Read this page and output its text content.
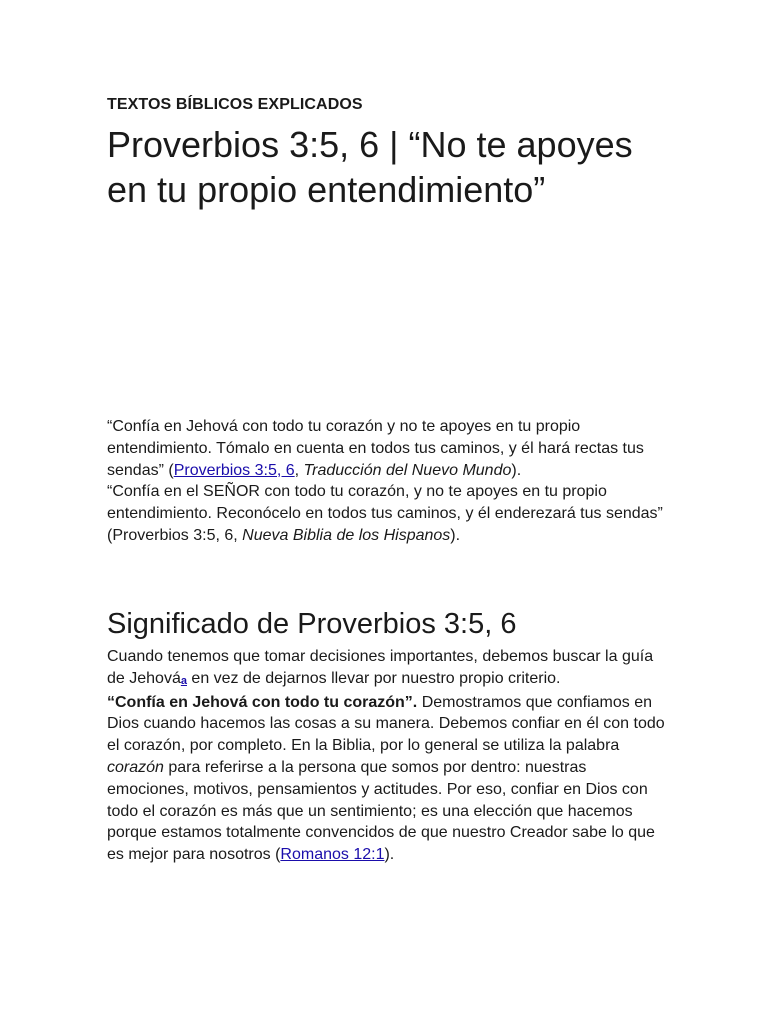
TEXTOS BÍBLICOS EXPLICADOS
Proverbios 3:5, 6 | “No te apoyes en tu propio entendimiento”

“Confía en Jehová con todo tu corazón y no te apoyes en tu propio entendimiento. Tómalo en cuenta en todos tus caminos, y él hará rectas tus sendas” (Proverbios 3:5, 6, Traducción del Nuevo Mundo).

“Confía en el SEÑOR con todo tu corazón, y no te apoyes en tu propio entendimiento. Reconócelo en todos tus caminos, y él enderezará tus sendas” (Proverbios 3:5, 6, Nueva Biblia de los Hispanos).

Significado de Proverbios 3:5, 6

Cuando tenemos que tomar decisiones importantes, debemos buscar la guía de Jehováa en vez de dejarnos llevar por nuestro propio criterio.

“Confía en Jehová con todo tu corazón”. Demostramos que confiamos en Dios cuando hacemos las cosas a su manera. Debemos confiar en él con todo el corazón, por completo. En la Biblia, por lo general se utiliza la palabra corazón para referirse a la persona que somos por dentro: nuestras emociones, motivos, pensamientos y actitudes. Por eso, confiar en Dios con todo el corazón es más que un sentimiento; es una elección que hacemos porque estamos totalmente convencidos de que nuestro Creador sabe lo que es mejor para nosotros (Romanos 12:1).
